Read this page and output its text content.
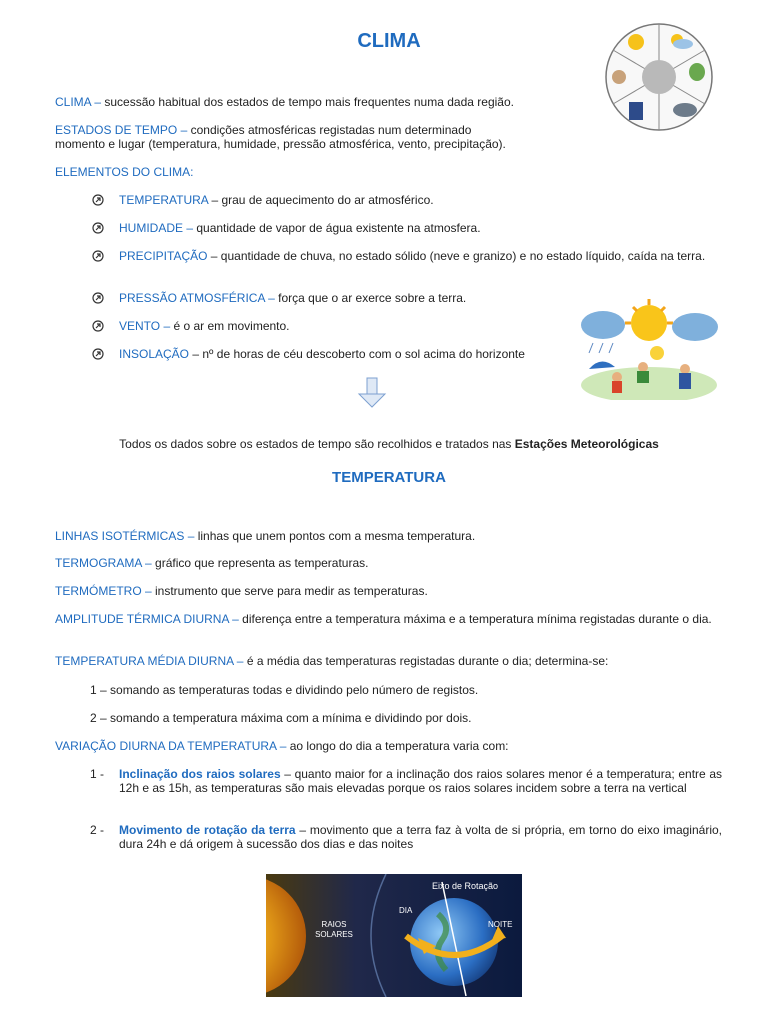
CLIMA
CLIMA – sucessão habitual dos estados de tempo mais frequentes numa dada região.
ESTADOS DE TEMPO – condições atmosféricas registadas num determinado
momento e lugar (temperatura, humidade, pressão atmosférica, vento, precipitação).
ELEMENTOS DO CLIMA:
TEMPERATURA – grau de aquecimento do ar atmosférico.
HUMIDADE – quantidade de vapor de água existente na atmosfera.
PRECIPITAÇÃO – quantidade de chuva, no estado sólido (neve e granizo) e no estado líquido, caída na terra.
PRESSÃO ATMOSFÉRICA – força que o ar exerce sobre a terra.
VENTO – é o ar em movimento.
INSOLAÇÃO – nº de horas de céu descoberto com o sol acima do horizonte
Todos os dados sobre os estados de tempo são recolhidos e tratados nas Estações Meteorológicas
TEMPERATURA
LINHAS ISOTÉRMICAS – linhas que unem pontos com a mesma temperatura.
TERMOGRAMA – gráfico que representa as temperaturas.
TERMÓMETRO – instrumento que serve para medir as temperaturas.
AMPLITUDE TÉRMICA DIURNA – diferença entre a temperatura máxima e a temperatura mínima registadas durante o dia.
TEMPERATURA MÉDIA DIURNA – é a média das temperaturas registadas durante o dia; determina-se:
1 – somando as temperaturas todas e dividindo pelo número de registos.
2 – somando a temperatura máxima com a mínima e dividindo por dois.
VARIAÇÃO DIURNA DA TEMPERATURA – ao longo do dia a temperatura varia com:
1 - Inclinação dos raios solares – quanto maior for a inclinação dos raios solares menor é a temperatura; entre as 12h e as 15h, as temperaturas são mais elevadas porque os raios solares incidem sobre a terra na vertical
2 - Movimento de rotação da terra – movimento que a terra faz à volta de si própria, em torno do eixo imaginário, dura 24h e dá origem à sucessão dos dias e das noites
Eixo de Rotação
DIA
NOITE
RAIOS
SOLARES
